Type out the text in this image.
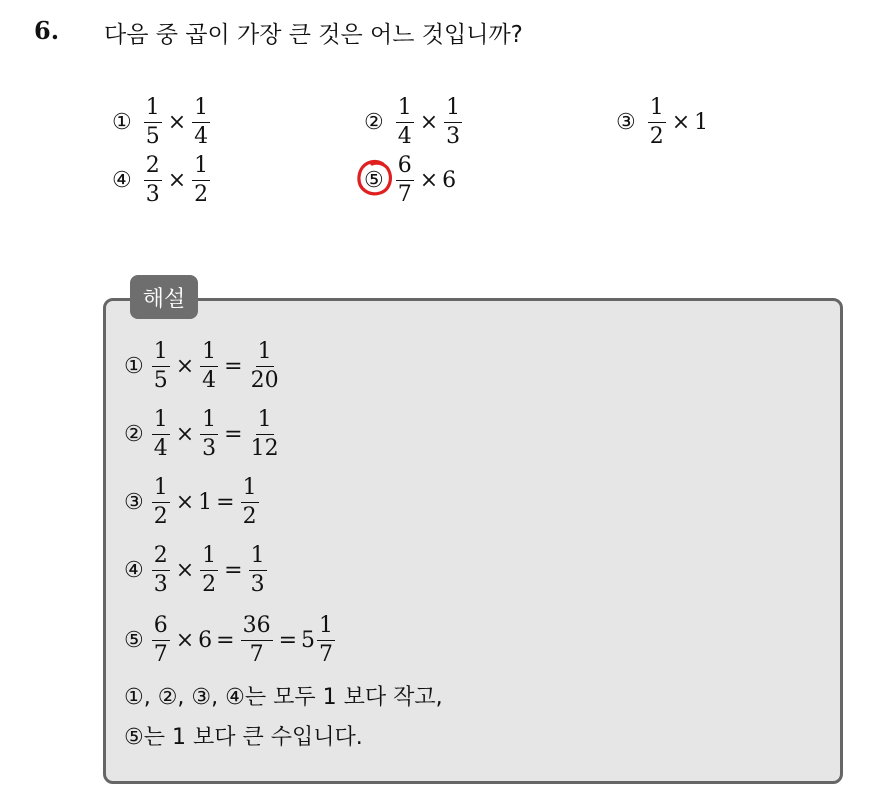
6. 다음 중 곱이 가장 큰 것은 어느 것입니까?
① $\frac{1}{5} \times \frac{1}{4}$	② $\frac{1}{4} \times \frac{1}{3}$	③ $\frac{1}{2} \times 1$
④ $\frac{2}{3} \times \frac{1}{2}$	⑤ $\frac{6}{7} \times 6$
해설
① $\frac{1}{5} \times \frac{1}{4} = \frac{1}{20}$
② $\frac{1}{4} \times \frac{1}{3} = \frac{1}{12}$
③ $\frac{1}{2} \times 1 = \frac{1}{2}$
④ $\frac{2}{3} \times \frac{1}{2} = \frac{1}{3}$
⑤ $\frac{6}{7} \times 6 = \frac{36}{7} = 5 \frac{1}{7}$
①, ②, ③, ④는 모두 1 보다 작고,
⑤는 1 보다 큰 수입니다.
